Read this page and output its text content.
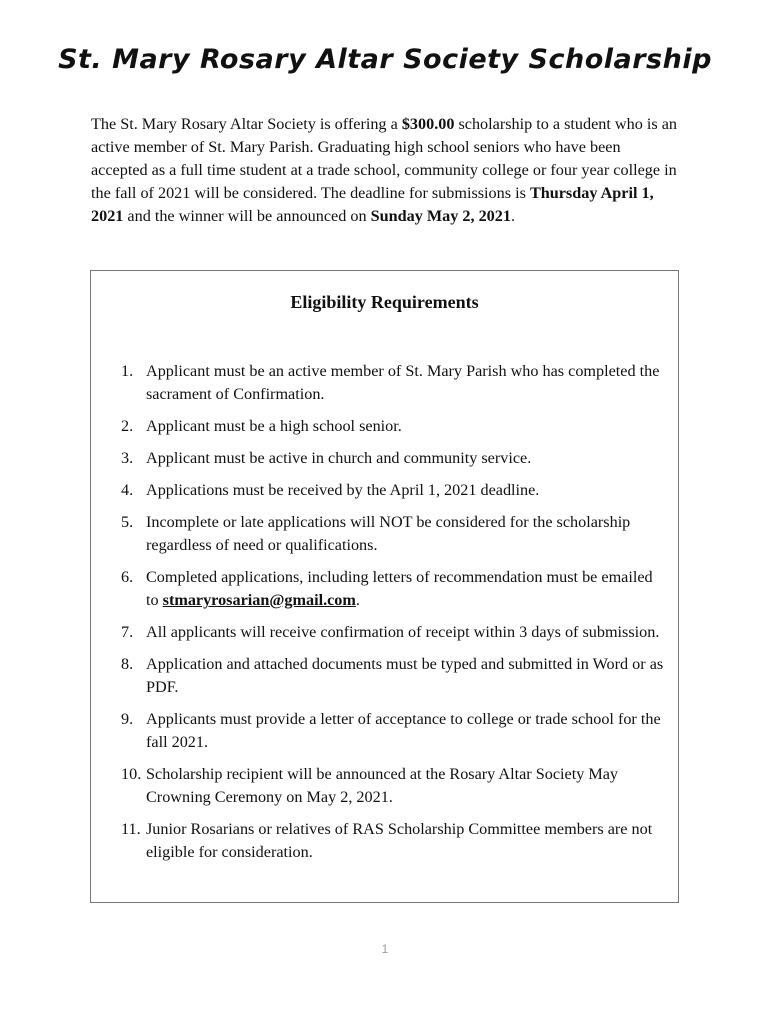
St. Mary Rosary Altar Society Scholarship
The St. Mary Rosary Altar Society is offering a $300.00 scholarship to a student who is an active member of St. Mary Parish. Graduating high school seniors who have been accepted as a full time student at a trade school, community college or four year college in the fall of 2021 will be considered. The deadline for submissions is Thursday April 1, 2021 and the winner will be announced on Sunday May 2, 2021.
Eligibility Requirements
1. Applicant must be an active member of St. Mary Parish who has completed the sacrament of Confirmation.
2. Applicant must be a high school senior.
3. Applicant must be active in church and community service.
4. Applications must be received by the April 1, 2021 deadline.
5. Incomplete or late applications will NOT be considered for the scholarship regardless of need or qualifications.
6. Completed applications, including letters of recommendation must be emailed to stmaryrosarian@gmail.com.
7. All applicants will receive confirmation of receipt within 3 days of submission.
8. Application and attached documents must be typed and submitted in Word or as PDF.
9. Applicants must provide a letter of acceptance to college or trade school for the fall 2021.
10. Scholarship recipient will be announced at the Rosary Altar Society May Crowning Ceremony on May 2, 2021.
11. Junior Rosarians or relatives of RAS Scholarship Committee members are not eligible for consideration.
1
